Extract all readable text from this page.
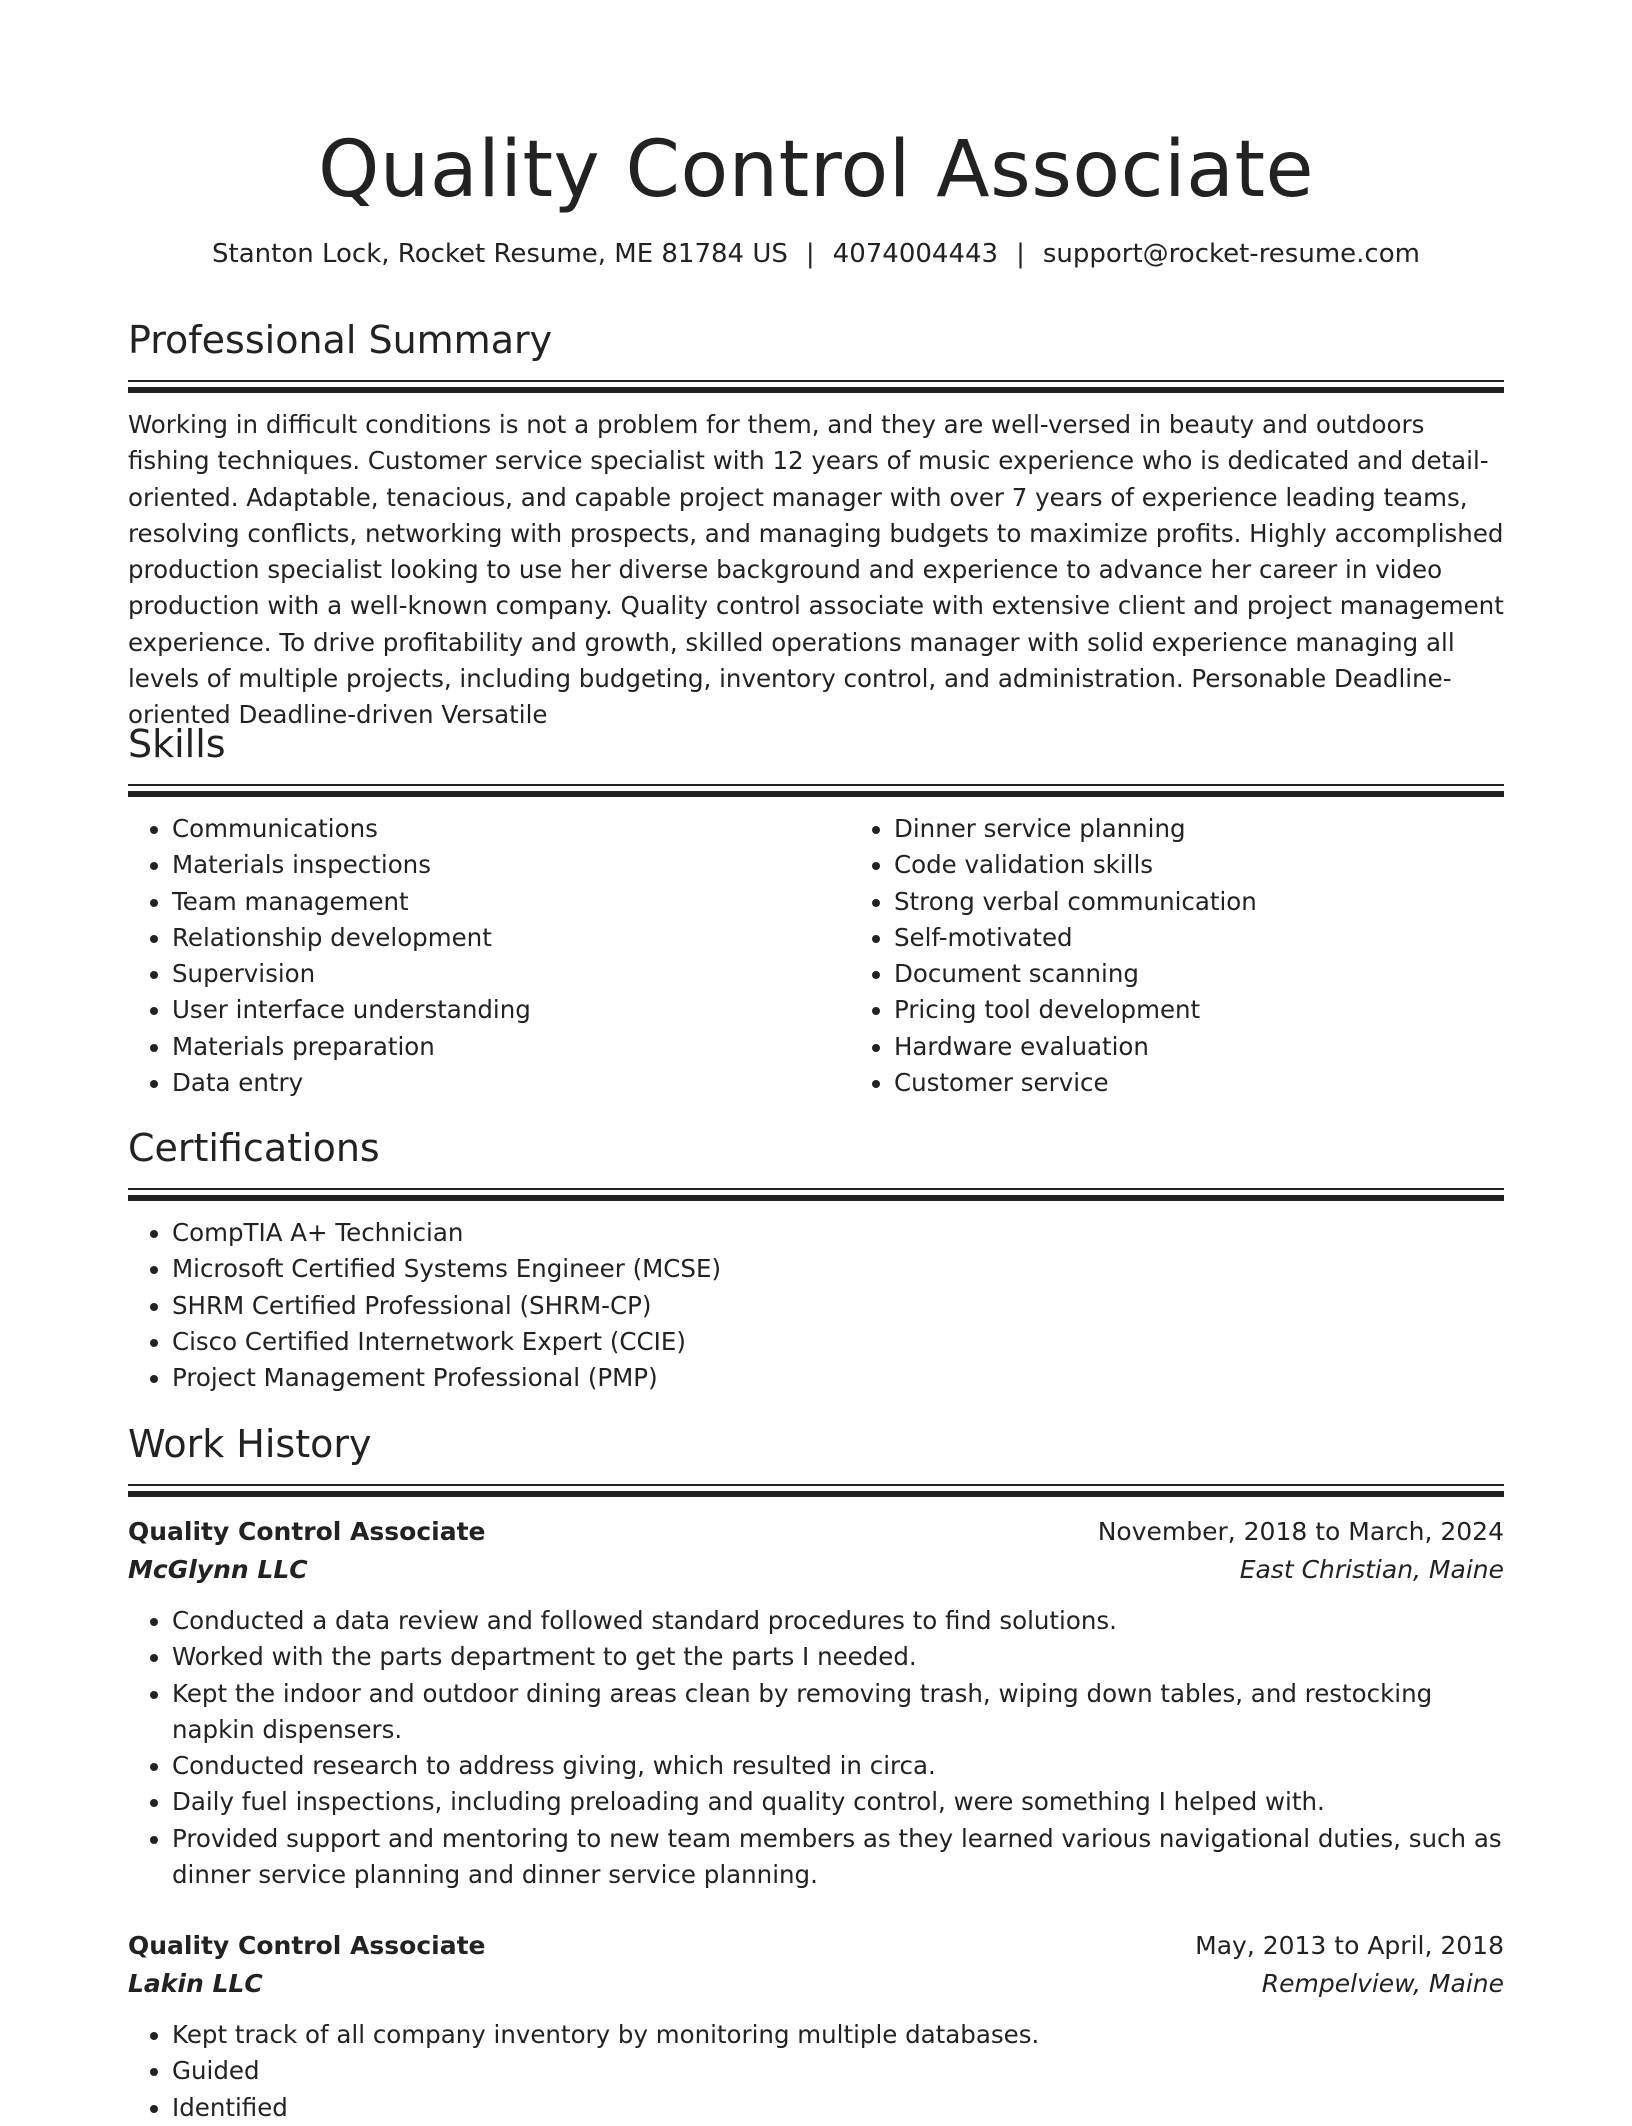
Quality Control Associate
Stanton Lock, Rocket Resume, ME 81784 US | 4074004443 | support@rocket-resume.com
Professional Summary

Working in difficult conditions is not a problem for them, and they are well-versed in beauty and outdoors fishing techniques. Customer service specialist with 12 years of music experience who is dedicated and detail-oriented. Adaptable, tenacious, and capable project manager with over 7 years of experience leading teams, resolving conflicts, networking with prospects, and managing budgets to maximize profits. Highly accomplished production specialist looking to use her diverse background and experience to advance her career in video production with a well-known company. Quality control associate with extensive client and project management experience. To drive profitability and growth, skilled operations manager with solid experience managing all levels of multiple projects, including budgeting, inventory control, and administration. Personable Deadline-oriented Deadline-driven Versatile

Skills
• Communications
• Materials inspections
• Team management
• Relationship development
• Supervision
• User interface understanding
• Materials preparation
• Data entry
• Dinner service planning
• Code validation skills
• Strong verbal communication
• Self-motivated
• Document scanning
• Pricing tool development
• Hardware evaluation
• Customer service
Certifications
• CompTIA A+ Technician
• Microsoft Certified Systems Engineer (MCSE)
• SHRM Certified Professional (SHRM-CP)
• Cisco Certified Internetwork Expert (CCIE)
• Project Management Professional (PMP)
Work History
Quality Control Associate	November, 2018 to March, 2024
McGlynn LLC	East Christian, Maine
• Conducted a data review and followed standard procedures to find solutions.
• Worked with the parts department to get the parts I needed.
• Kept the indoor and outdoor dining areas clean by removing trash, wiping down tables, and restocking napkin dispensers.
• Conducted research to address giving, which resulted in circa.
• Daily fuel inspections, including preloading and quality control, were something I helped with.
• Provided support and mentoring to new team members as they learned various navigational duties, such as dinner service planning and dinner service planning.
Quality Control Associate	May, 2013 to April, 2018
Lakin LLC	Rempelview, Maine
• Kept track of all company inventory by monitoring multiple databases.
• Guided
• Identified
